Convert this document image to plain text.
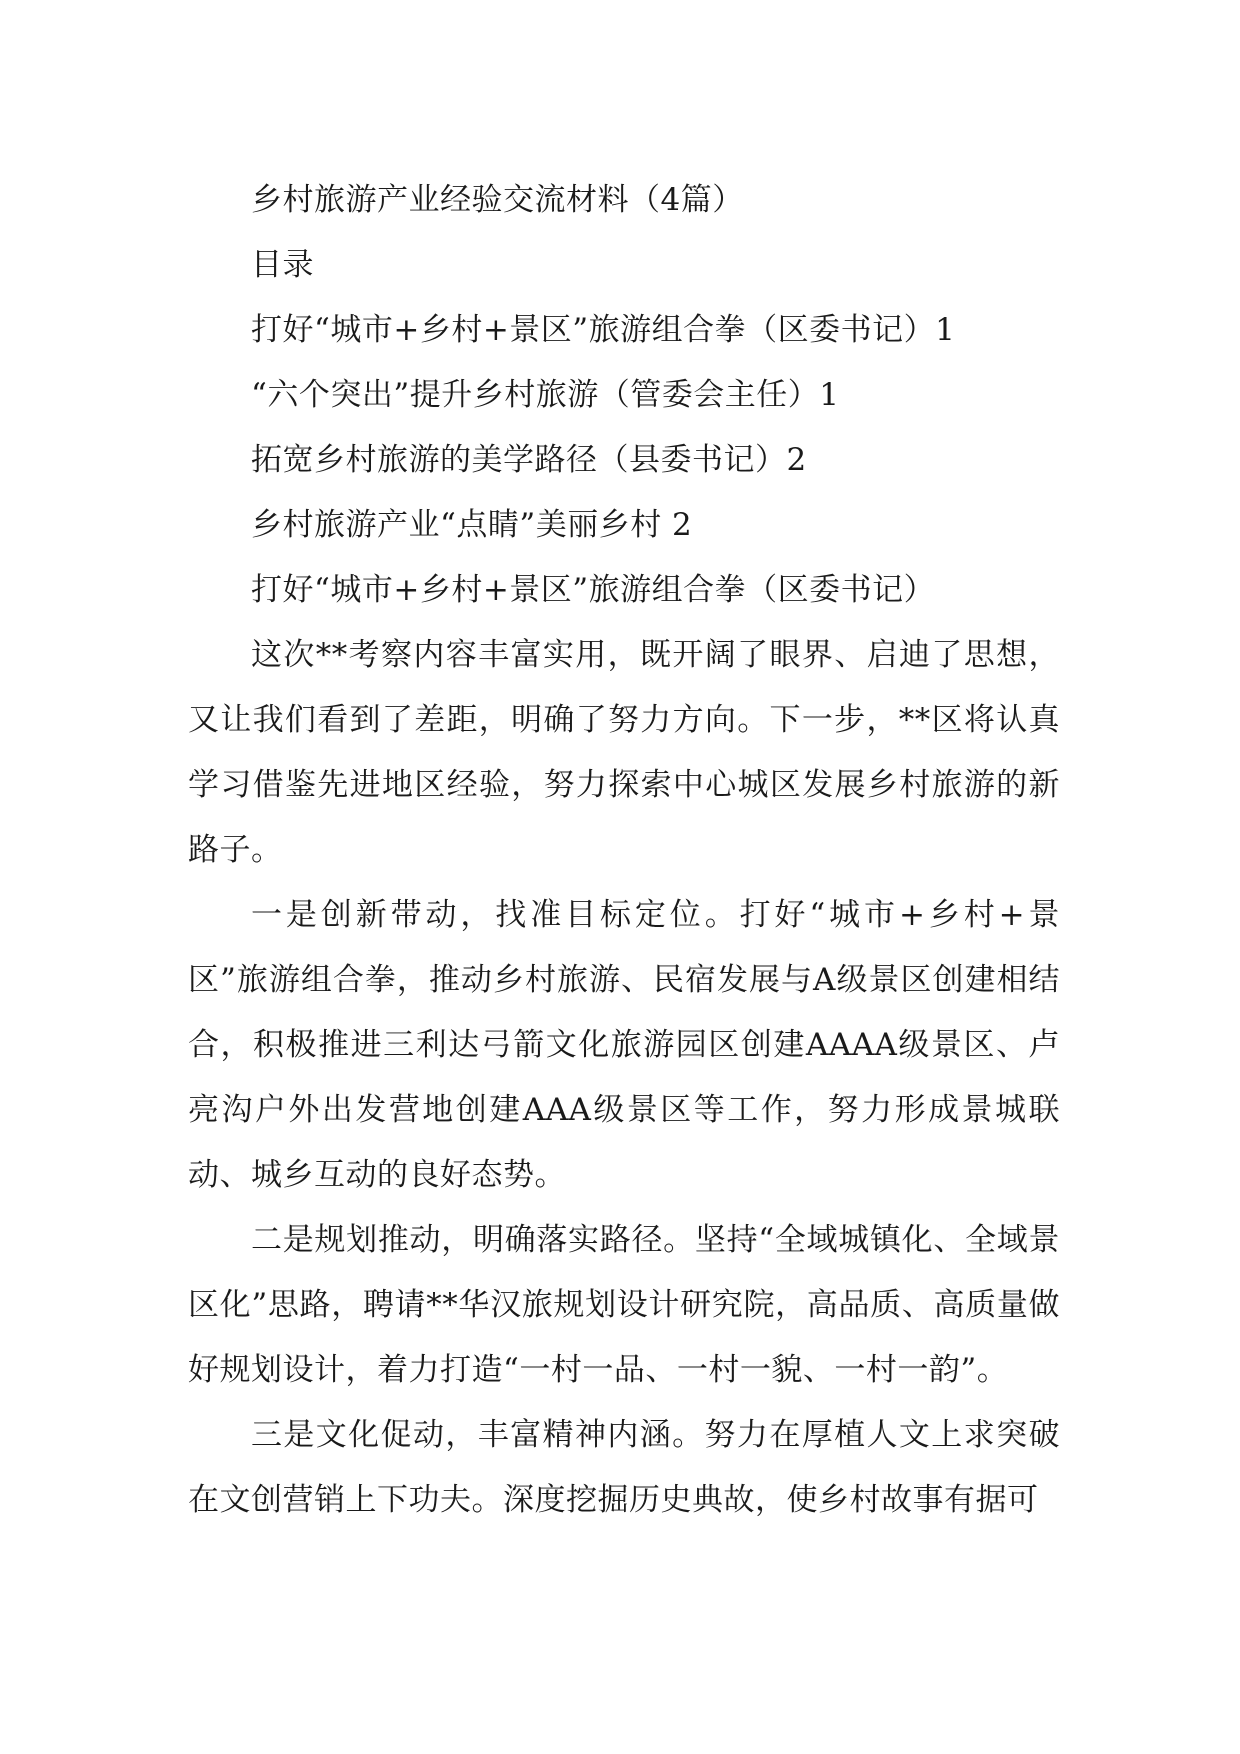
乡村旅游产业经验交流材料（4篇）
目录
打好“城市+乡村+景区”旅游组合拳（区委书记）1
“六个突出”提升乡村旅游（管委会主任）1
拓宽乡村旅游的美学路径（县委书记）2
乡村旅游产业“点睛”美丽乡村 2
打好“城市+乡村+景区”旅游组合拳（区委书记）

这次**考察内容丰富实用，既开阔了眼界、启迪了思想，又让我们看到了差距，明确了努力方向。下一步，**区将认真学习借鉴先进地区经验，努力探索中心城区发展乡村旅游的新路子。

一是创新带动，找准目标定位。打好“城市+乡村+景区”旅游组合拳，推动乡村旅游、民宿发展与A级景区创建相结合，积极推进三利达弓箭文化旅游园区创建AAAA级景区、卢亮沟户外出发营地创建AAA级景区等工作，努力形成景城联动、城乡互动的良好态势。

二是规划推动，明确落实路径。坚持“全域城镇化、全域景区化”思路，聘请**华汉旅规划设计研究院，高品质、高质量做好规划设计，着力打造“一村一品、一村一貌、一村一韵”。

三是文化促动，丰富精神内涵。努力在厚植人文上求突破在文创营销上下功夫。深度挖掘历史典故，使乡村故事有据可
